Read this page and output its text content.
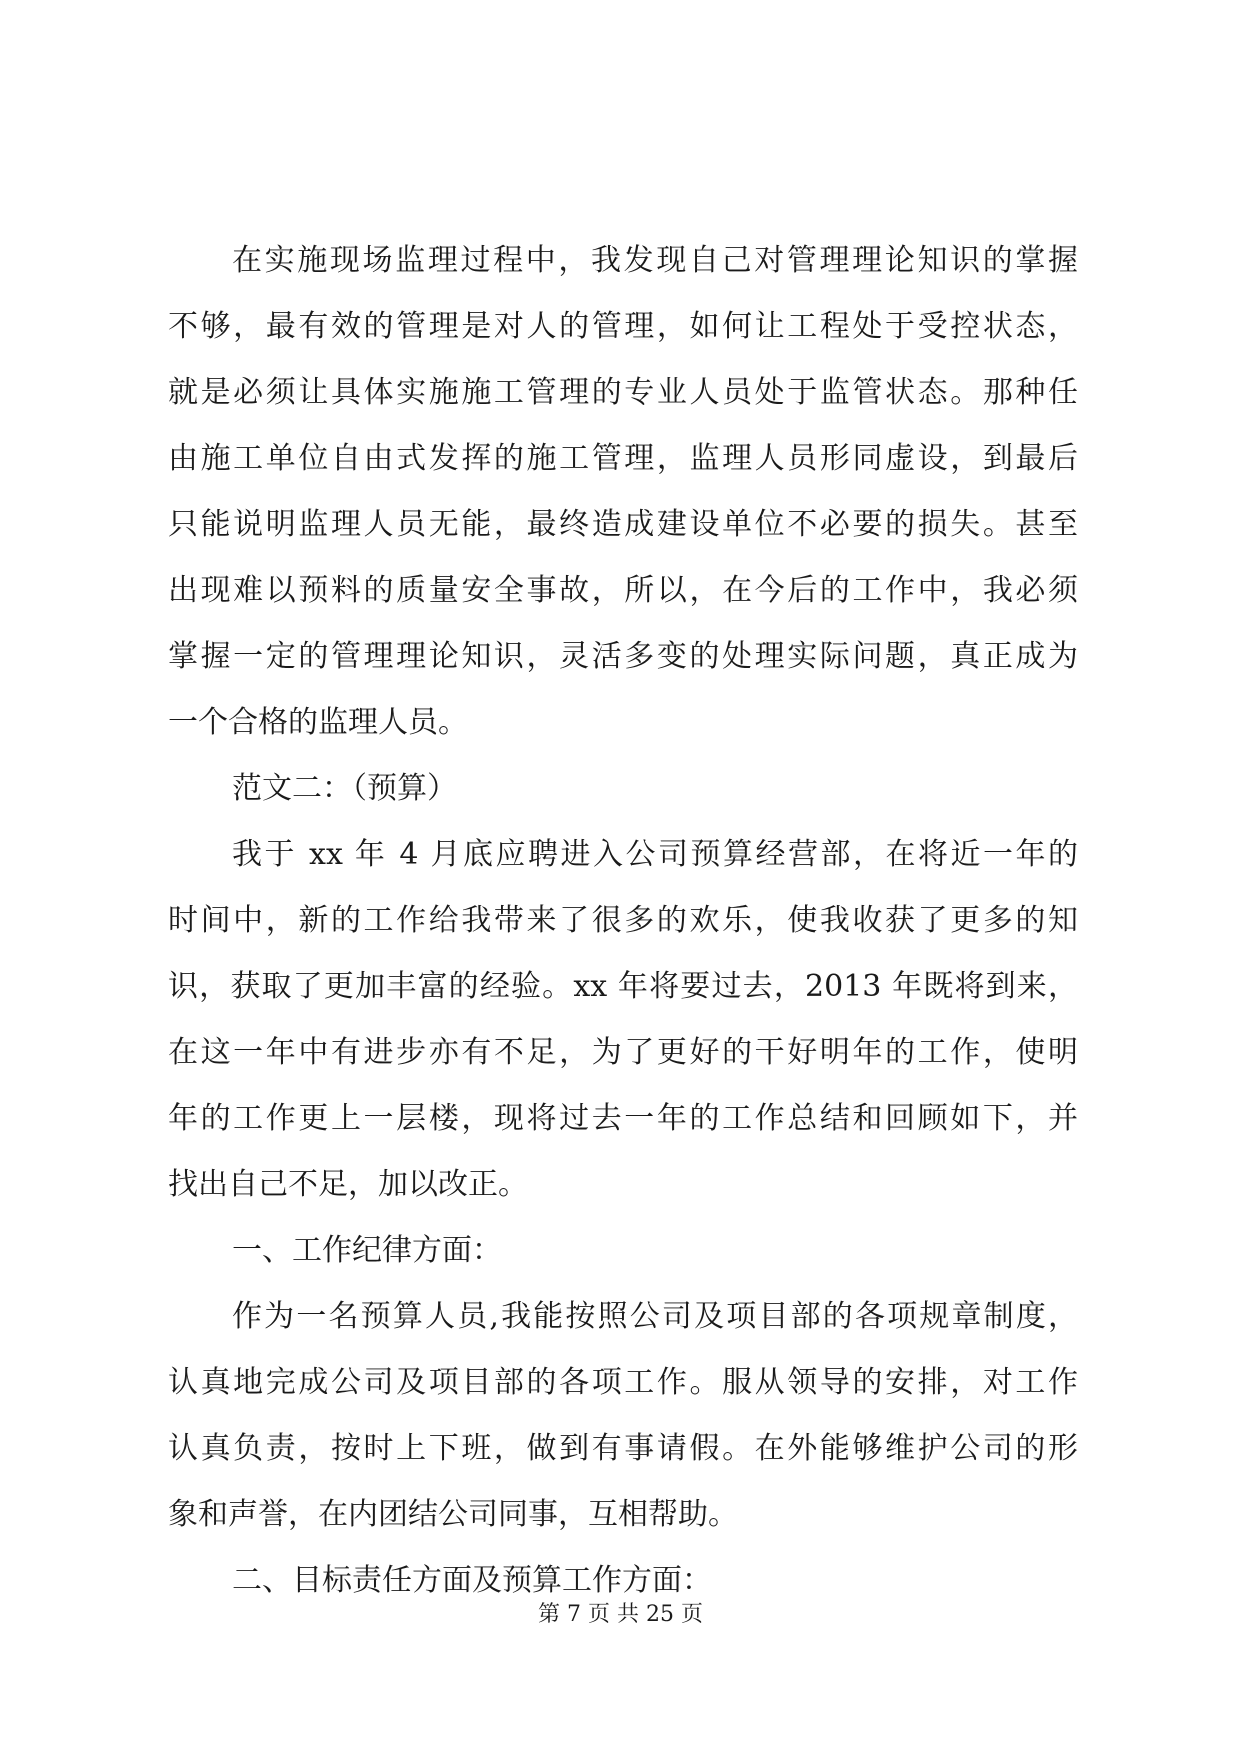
在实施现场监理过程中，我发现自己对管理理论知识的掌握
不够，最有效的管理是对人的管理，如何让工程处于受控状态，
就是必须让具体实施施工管理的专业人员处于监管状态。那种任
由施工单位自由式发挥的施工管理，监理人员形同虚设，到最后
只能说明监理人员无能，最终造成建设单位不必要的损失。甚至
出现难以预料的质量安全事故，所以，在今后的工作中，我必须
掌握一定的管理理论知识，灵活多变的处理实际问题，真正成为
一个合格的监理人员。
范文二：（预算）
我于 xx 年 4 月底应聘进入公司预算经营部，在将近一年的
时间中，新的工作给我带来了很多的欢乐，使我收获了更多的知
识，获取了更加丰富的经验。xx 年将要过去，2013 年既将到来，
在这一年中有进步亦有不足，为了更好的干好明年的工作，使明
年的工作更上一层楼，现将过去一年的工作总结和回顾如下，并
找出自己不足，加以改正。
一、工作纪律方面：
作为一名预算人员,我能按照公司及项目部的各项规章制度，
认真地完成公司及项目部的各项工作。服从领导的安排，对工作
认真负责，按时上下班，做到有事请假。在外能够维护公司的形
象和声誉，在内团结公司同事，互相帮助。
二、目标责任方面及预算工作方面：
第 7 页 共 25 页
